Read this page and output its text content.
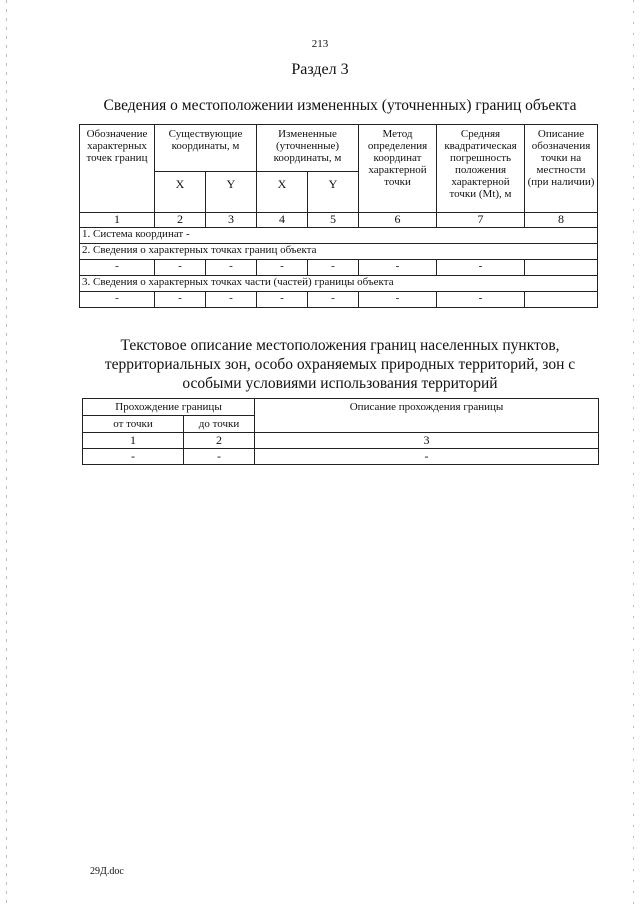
213
Раздел 3
Сведения о местоположении измененных (уточненных) границ объекта
Обозначение характерных точек границ	Существующие координаты, м		Измененные (уточненные) координаты, м		Метод определения координат характерной точки	Средняя квадратическая погрешность положения характерной точки (Mt), м	Описание обозначения точки на местности (при наличии)
	X	Y	X	Y			
1	2	3	4	5	6	7	8
1. Система координат -							
2. Сведения о характерных точках границ объекта							
-	-	-	-	-	-	-	
3. Сведения о характерных точках части (частей) границы объекта							
-	-	-	-	-	-	-	
Текстовое описание местоположения границ населенных пунктов, территориальных зон, особо охраняемых природных территорий, зон с особыми условиями использования территорий
Прохождение границы		Описание прохождения границы
от точки	до точки	
1	2	3
-	-	-
29Д.doc
